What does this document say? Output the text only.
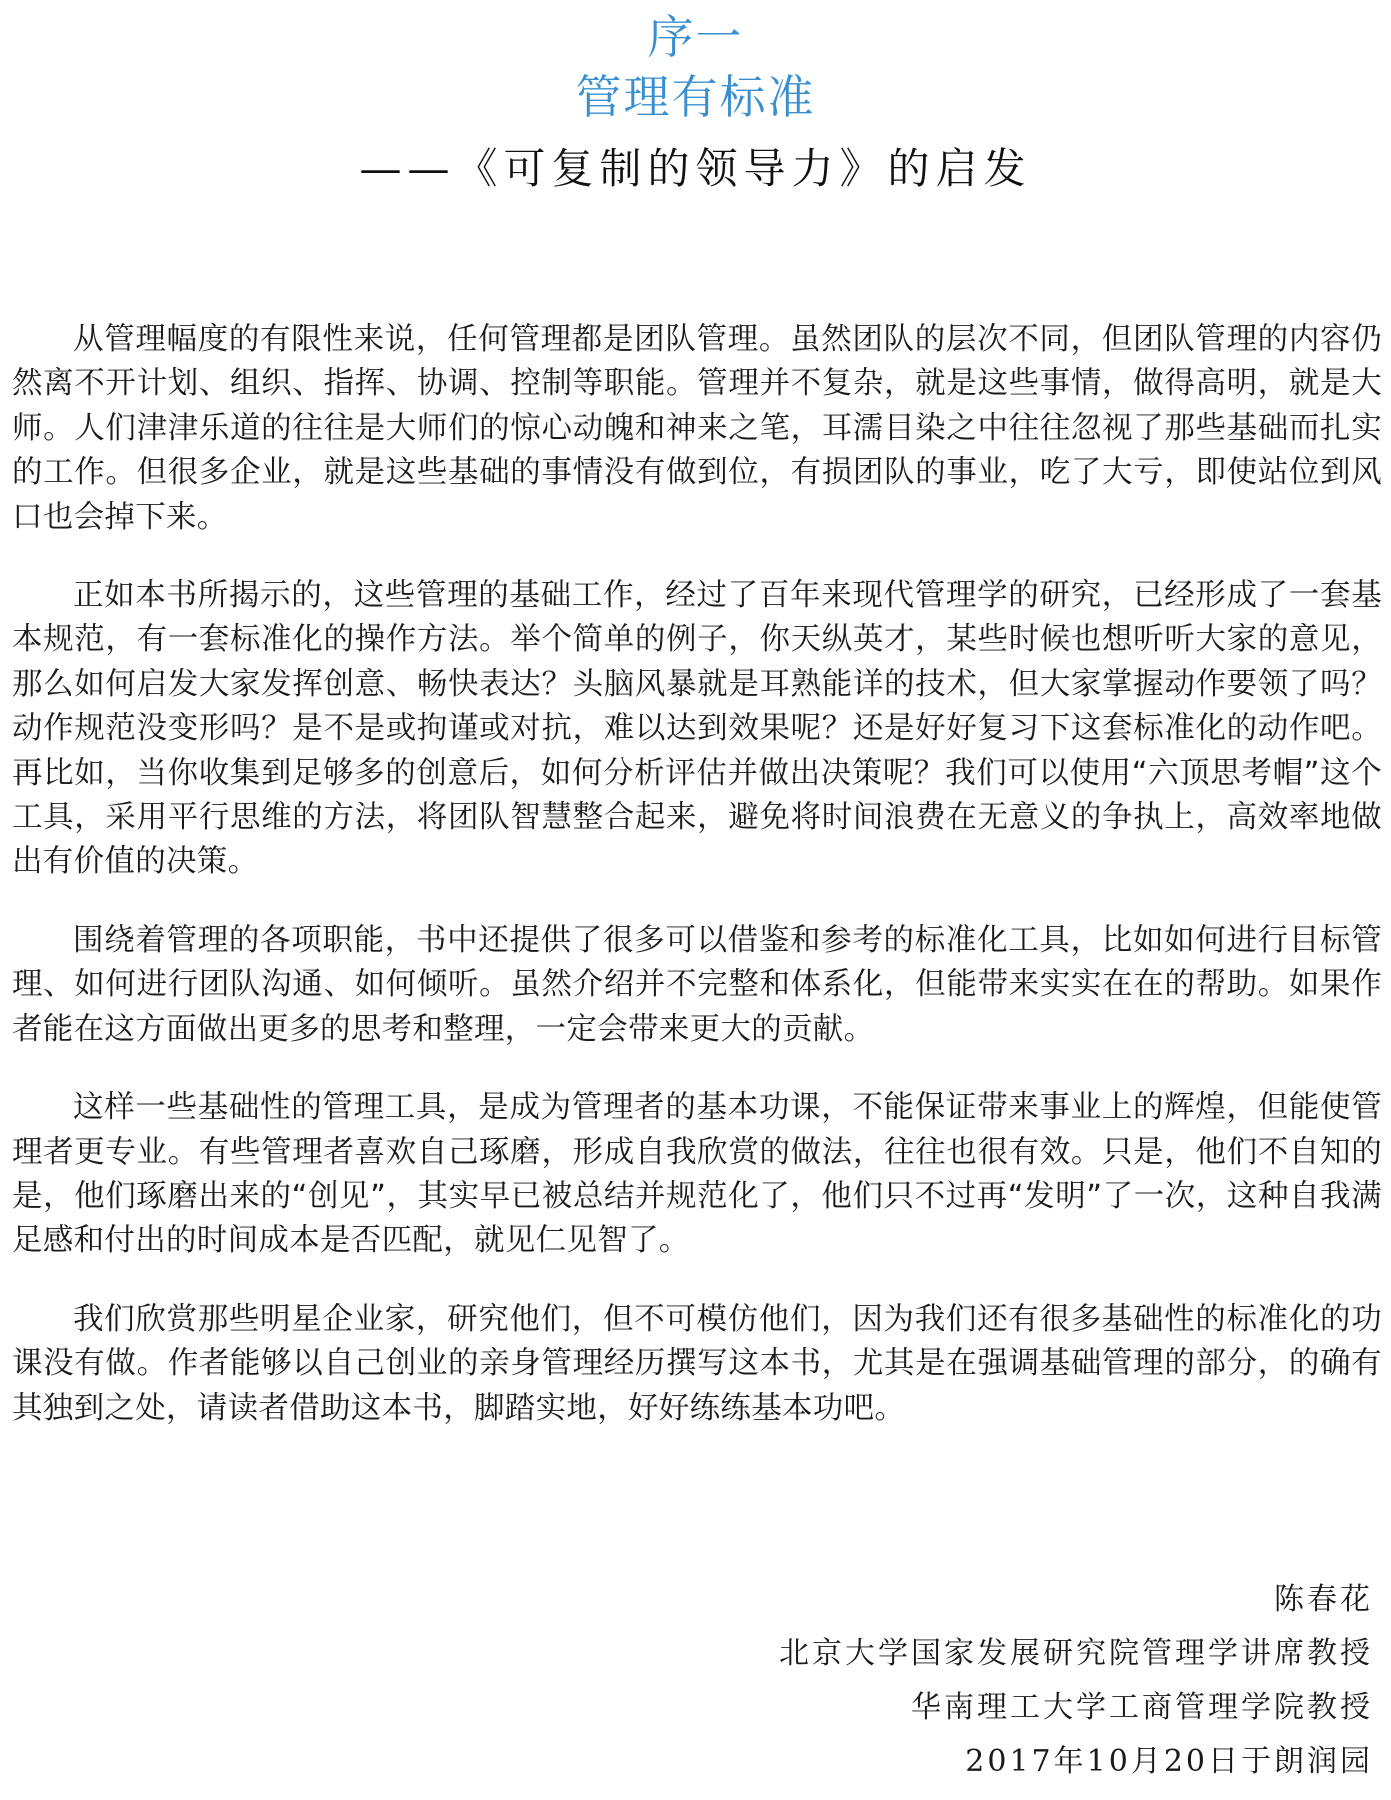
序一
管理有标准
——《可复制的领导力》的启发

从管理幅度的有限性来说，任何管理都是团队管理。虽然团队的层次不同，但团队管理的内容仍然离不开计划、组织、指挥、协调、控制等职能。管理并不复杂，就是这些事情，做得高明，就是大师。人们津津乐道的往往是大师们的惊心动魄和神来之笔，耳濡目染之中往往忽视了那些基础而扎实的工作。但很多企业，就是这些基础的事情没有做到位，有损团队的事业，吃了大亏，即使站位到风口也会掉下来。

正如本书所揭示的，这些管理的基础工作，经过了百年来现代管理学的研究，已经形成了一套基本规范，有一套标准化的操作方法。举个简单的例子，你天纵英才，某些时候也想听听大家的意见，那么如何启发大家发挥创意、畅快表达？头脑风暴就是耳熟能详的技术，但大家掌握动作要领了吗？动作规范没变形吗？是不是或拘谨或对抗，难以达到效果呢？还是好好复习下这套标准化的动作吧。再比如，当你收集到足够多的创意后，如何分析评估并做出决策呢？我们可以使用“六顶思考帽”这个工具，采用平行思维的方法，将团队智慧整合起来，避免将时间浪费在无意义的争执上，高效率地做出有价值的决策。

围绕着管理的各项职能，书中还提供了很多可以借鉴和参考的标准化工具，比如如何进行目标管理、如何进行团队沟通、如何倾听。虽然介绍并不完整和体系化，但能带来实实在在的帮助。如果作者能在这方面做出更多的思考和整理，一定会带来更大的贡献。

这样一些基础性的管理工具，是成为管理者的基本功课，不能保证带来事业上的辉煌，但能使管理者更专业。有些管理者喜欢自己琢磨，形成自我欣赏的做法，往往也很有效。只是，他们不自知的是，他们琢磨出来的“创见”，其实早已被总结并规范化了，他们只不过再“发明”了一次，这种自我满足感和付出的时间成本是否匹配，就见仁见智了。

我们欣赏那些明星企业家，研究他们，但不可模仿他们，因为我们还有很多基础性的标准化的功课没有做。作者能够以自己创业的亲身管理经历撰写这本书，尤其是在强调基础管理的部分，的确有其独到之处，请读者借助这本书，脚踏实地，好好练练基本功吧。

陈春花
北京大学国家发展研究院管理学讲席教授
华南理工大学工商管理学院教授
2017年10月20日于朗润园
